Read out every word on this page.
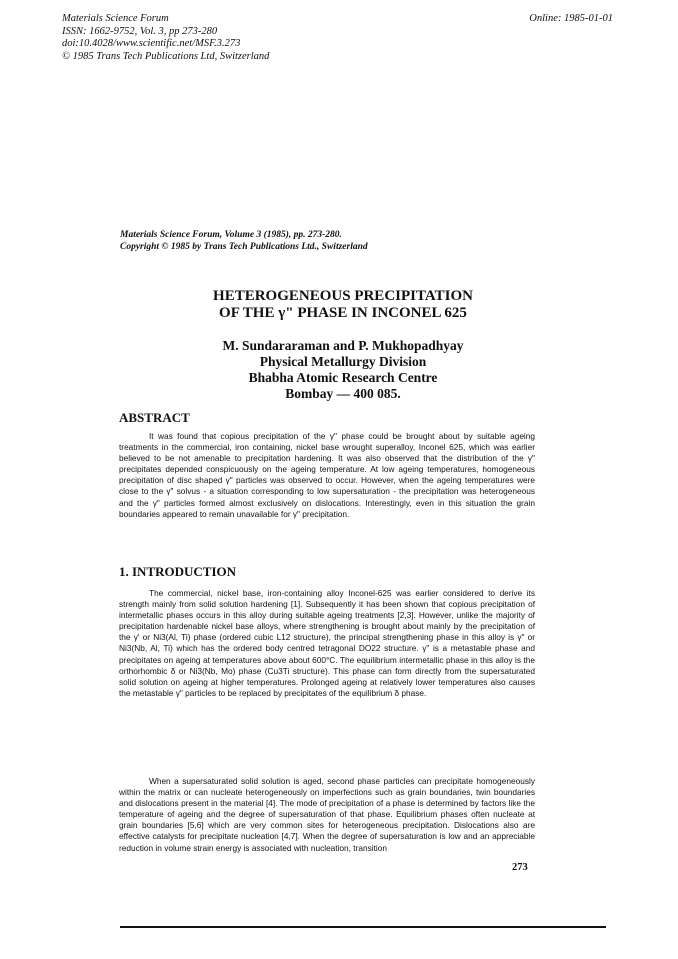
Materials Science Forum
ISSN: 1662-9752, Vol. 3, pp 273-280
doi:10.4028/www.scientific.net/MSF.3.273
© 1985 Trans Tech Publications Ltd, Switzerland
Online: 1985-01-01
Materials Science Forum, Volume 3 (1985), pp. 273-280.
Copyright © 1985 by Trans Tech Publications Ltd., Switzerland
HETEROGENEOUS PRECIPITATION
OF THE γ" PHASE IN INCONEL 625
M. Sundararaman and P. Mukhopadhyay
Physical Metallurgy Division
Bhabha Atomic Research Centre
Bombay — 400 085.
ABSTRACT

It was found that copious precipitation of the γ" phase could be brought about by suitable ageing treatments in the commercial, iron containing, nickel base wrought superalloy, Inconel 625, which was earlier believed to be not amenable to precipitation hardening. It was also observed that the distribution of the γ" precipitates depended conspicuously on the ageing temperature. At low ageing temperatures, homogeneous precipitation of disc shaped γ" particles was observed to occur. However, when the ageing temperatures were close to the γ" solvus - a situation corresponding to low supersaturation - the precipitation was heterogeneous and the γ" particles formed almost exclusively on dislocations. Interestingly, even in this situation the grain boundaries appeared to remain unavailable for γ" precipitation.

1. INTRODUCTION

The commercial, nickel base, iron-containing alloy Inconel-625 was earlier considered to derive its strength mainly from solid solution hardening [1]. Subsequently it has been shown that copious precipitation of intermetallic phases occurs in this alloy during suitable ageing treatments [2,3]. However, unlike the majority of precipitation hardenable nickel base alloys, where strengthening is brought about mainly by the precipitation of the γ' or Ni3(Al, Ti) phase (ordered cubic L12 structure), the principal strengthening phase in this alloy is γ" or Ni3(Nb, Al, Ti) which has the ordered body centred tetragonal DO22 structure. γ" is a metastable phase and precipitates on ageing at temperatures above about 600°C. The equilibrium intermetallic phase in this alloy is the orthorhombic δ or Ni3(Nb, Mo) phase (Cu3Ti structure). This phase can form directly from the supersaturated solid solution on ageing at higher temperatures. Prolonged ageing at relatively lower temperatures also causes the metastable γ" particles to be replaced by precipitates of the equilibrium δ phase.

When a supersaturated solid solution is aged, second phase particles can precipitate homogeneously within the matrix or can nucleate heterogeneously on imperfections such as grain boundaries, twin boundaries and dislocations present in the material [4]. The mode of precipitation of a phase is determined by factors like the temperature of ageing and the degree of supersaturation of that phase. Equilibrium phases often nucleate at grain boundaries [5,6] which are very common sites for heterogeneous precipitation. Dislocations also are effective catalysts for precipitate nucleation [4,7]. When the degree of supersaturation is low and an appreciable reduction in volume strain energy is associated with nucleation, transition

273
